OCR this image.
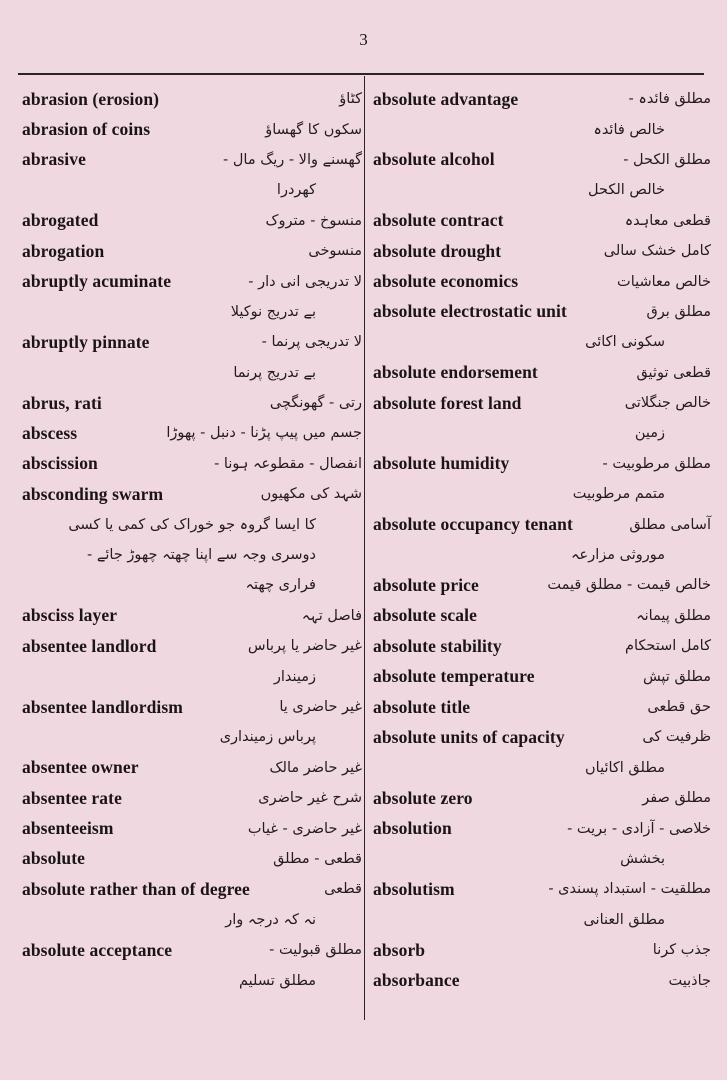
3
abrasion (erosion)	کٹاؤ
abrasion of coins	سکوں کا گھساؤ
abrasive	گھسنے والا - ریگ مال -
کھردرا
abrogated	منسوخ - متروک
abrogation	منسوخی
abruptly acuminate	لا تدریجی انی دار -
بے تدریج نوکیلا
abruptly pinnate	لا تدریجی پرنما -
بے تدریج پرنما
abrus, rati	رتی - گھونگچی
abscess	جسم میں پیپ پڑنا - دنبل - پھوڑا
abscission	انفصال - مقطوعہ ہونا -
absconding swarm	شہد کی مکھیوں
کا ایسا گروہ جو خوراک کی کمی یا کسی
دوسری وجہ سے اپنا چھتہ چھوڑ جائے -
فراری چھتہ
absciss layer	فاصل تہہ
absentee landlord	غیر حاضر یا پرباس
زمیندار
absentee landlordism	غیر حاضری یا
پرباس زمینداری
absentee owner	غیر حاضر مالک
absentee rate	شرح غیر حاضری
absenteeism	غیر حاضری - غیاب
absolute	قطعی - مطلق
absolute rather than of degree	قطعی
نہ کہ درجہ وار
absolute acceptance	مطلق قبولیت -
مطلق تسلیم
absolute advantage	مطلق فائدہ -
خالص فائدہ
absolute alcohol	مطلق الکحل -
خالص الکحل
absolute contract	قطعی معاہدہ
absolute drought	کامل خشک سالی
absolute economics	خالص معاشیات
absolute electrostatic unit	مطلق برق
سکونی اکائی
absolute endorsement	قطعی توثیق
absolute forest land	خالص جنگلاتی
زمین
absolute humidity	مطلق مرطوبیت -
متمم مرطوبیت
absolute occupancy tenant	آسامی مطلق
موروثی مزارعہ
absolute price	خالص قیمت - مطلق قیمت
absolute scale	مطلق پیمانہ
absolute stability	کامل استحکام
absolute temperature	مطلق تپش
absolute title	حق قطعی
absolute units of capacity	ظرفیت کی
مطلق اکائیاں
absolute zero	مطلق صفر
absolution	خلاصی - آزادی - بریت -
بخشش
absolutism	مطلقیت - استبداد پسندی -
مطلق العنانی
absorb	جذب کرنا
absorbance	جاذبیت
